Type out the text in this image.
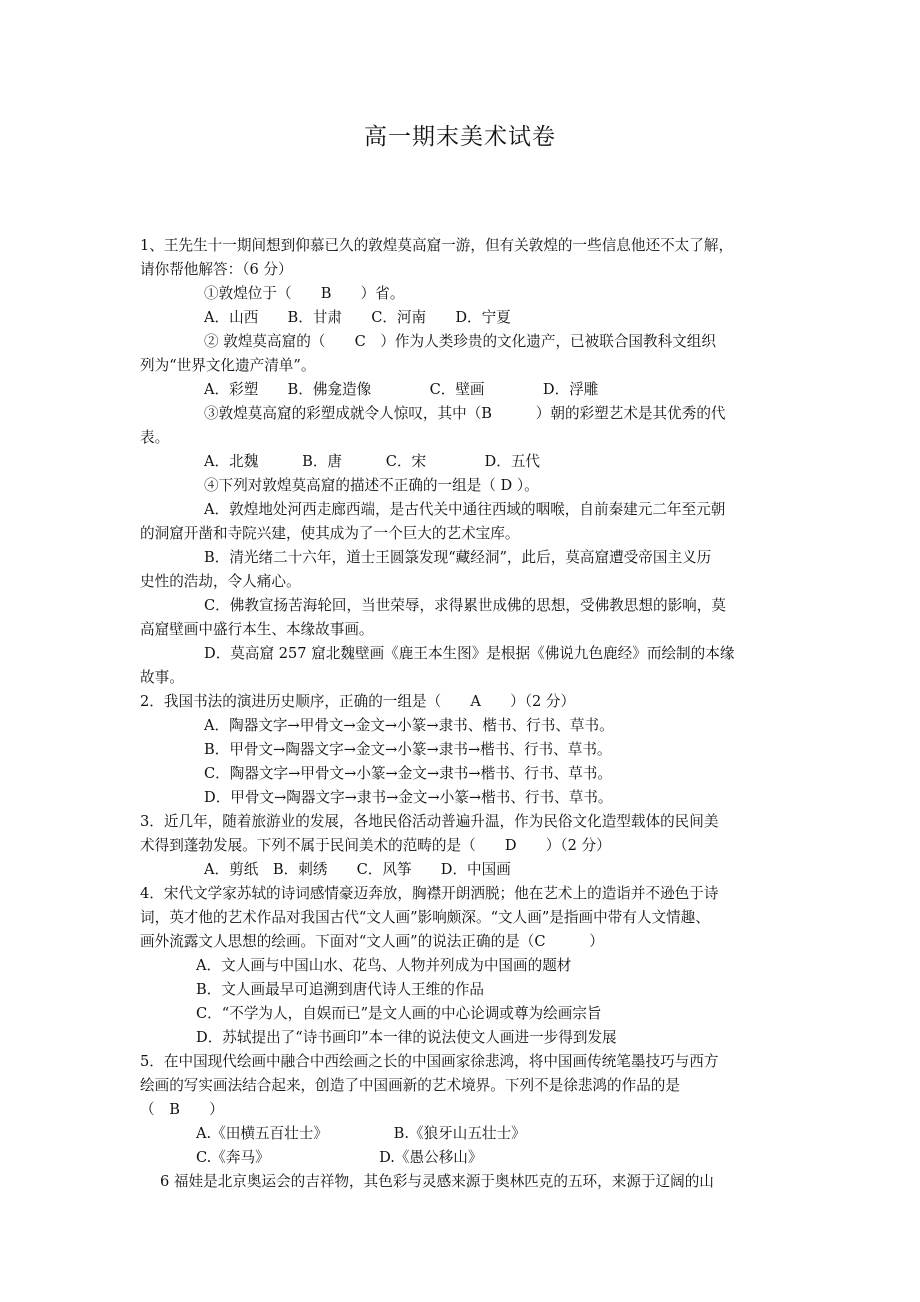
高一期末美术试卷
1、王先生十一期间想到仰慕已久的敦煌莫高窟一游，但有关敦煌的一些信息他还不太了解，
请你帮他解答：（6 分）
①敦煌位于（　　B　　）省。
A．山西　　B．甘肃　　C．河南　　D．宁夏
② 敦煌莫高窟的（　　C　）作为人类珍贵的文化遗产，已被联合国教科文组织
列为“世界文化遗产清单”。
A．彩塑　　B．佛龛造像　　　　C．壁画　　　　D．浮雕
③敦煌莫高窟的彩塑成就令人惊叹，其中（B　　　）朝的彩塑艺术是其优秀的代
表。
A．北魏　　　B．唐　　　C．宋　　　　D．五代
④下列对敦煌莫高窟的描述不正确的一组是（ D ）。
A．敦煌地处河西走廊西端，是古代关中通往西域的咽喉，自前秦建元二年至元朝
的洞窟开凿和寺院兴建，使其成为了一个巨大的艺术宝库。
B．清光绪二十六年，道士王圆箓发现“藏经洞”，此后，莫高窟遭受帝国主义历
史性的浩劫，令人痛心。
C．佛教宣扬苦海轮回，当世荣辱，求得累世成佛的思想，受佛教思想的影响，莫
高窟壁画中盛行本生、本缘故事画。
D．莫高窟 257 窟北魏壁画《鹿王本生图》是根据《佛说九色鹿经》而绘制的本缘
故事。
2．我国书法的演进历史顺序，正确的一组是（　　A　　）（2 分）
A．陶器文字→甲骨文→金文→小篆→隶书、楷书、行书、草书。
B．甲骨文→陶器文字→金文→小篆→隶书→楷书、行书、草书。
C．陶器文字→甲骨文→小篆→金文→隶书→楷书、行书、草书。
D．甲骨文→陶器文字→隶书→金文→小篆→楷书、行书、草书。
3．近几年，随着旅游业的发展，各地民俗活动普遍升温，作为民俗文化造型载体的民间美
术得到蓬勃发展。下列不属于民间美术的范畴的是（　　D　　）（2 分）
A．剪纸　B．刺绣　　C．风筝　　D．中国画
4．宋代文学家苏轼的诗词感情豪迈奔放，胸襟开朗洒脱；他在艺术上的造诣并不逊色于诗
词，英才他的艺术作品对我国古代“文人画”影响颇深。“文人画”是指画中带有人文情趣、
画外流露文人思想的绘画。下面对“文人画”的说法正确的是（C　　　）
A．文人画与中国山水、花鸟、人物并列成为中国画的题材
B．文人画最早可追溯到唐代诗人王维的作品
C．“不学为人，自娱而已”是文人画的中心论调或尊为绘画宗旨
D．苏轼提出了“诗书画印”本一律的说法使文人画进一步得到发展
5．在中国现代绘画中融合中西绘画之长的中国画家徐悲鸿，将中国画传统笔墨技巧与西方
绘画的写实画法结合起来，创造了中国画新的艺术境界。下列不是徐悲鸿的作品的是
（　B　　）
A.《田横五百壮士》　　　　　B.《狼牙山五壮士》
C.《奔马》　　　　　　　　D.《愚公移山》
6 福娃是北京奥运会的吉祥物，其色彩与灵感来源于奥林匹克的五环，来源于辽阔的山
